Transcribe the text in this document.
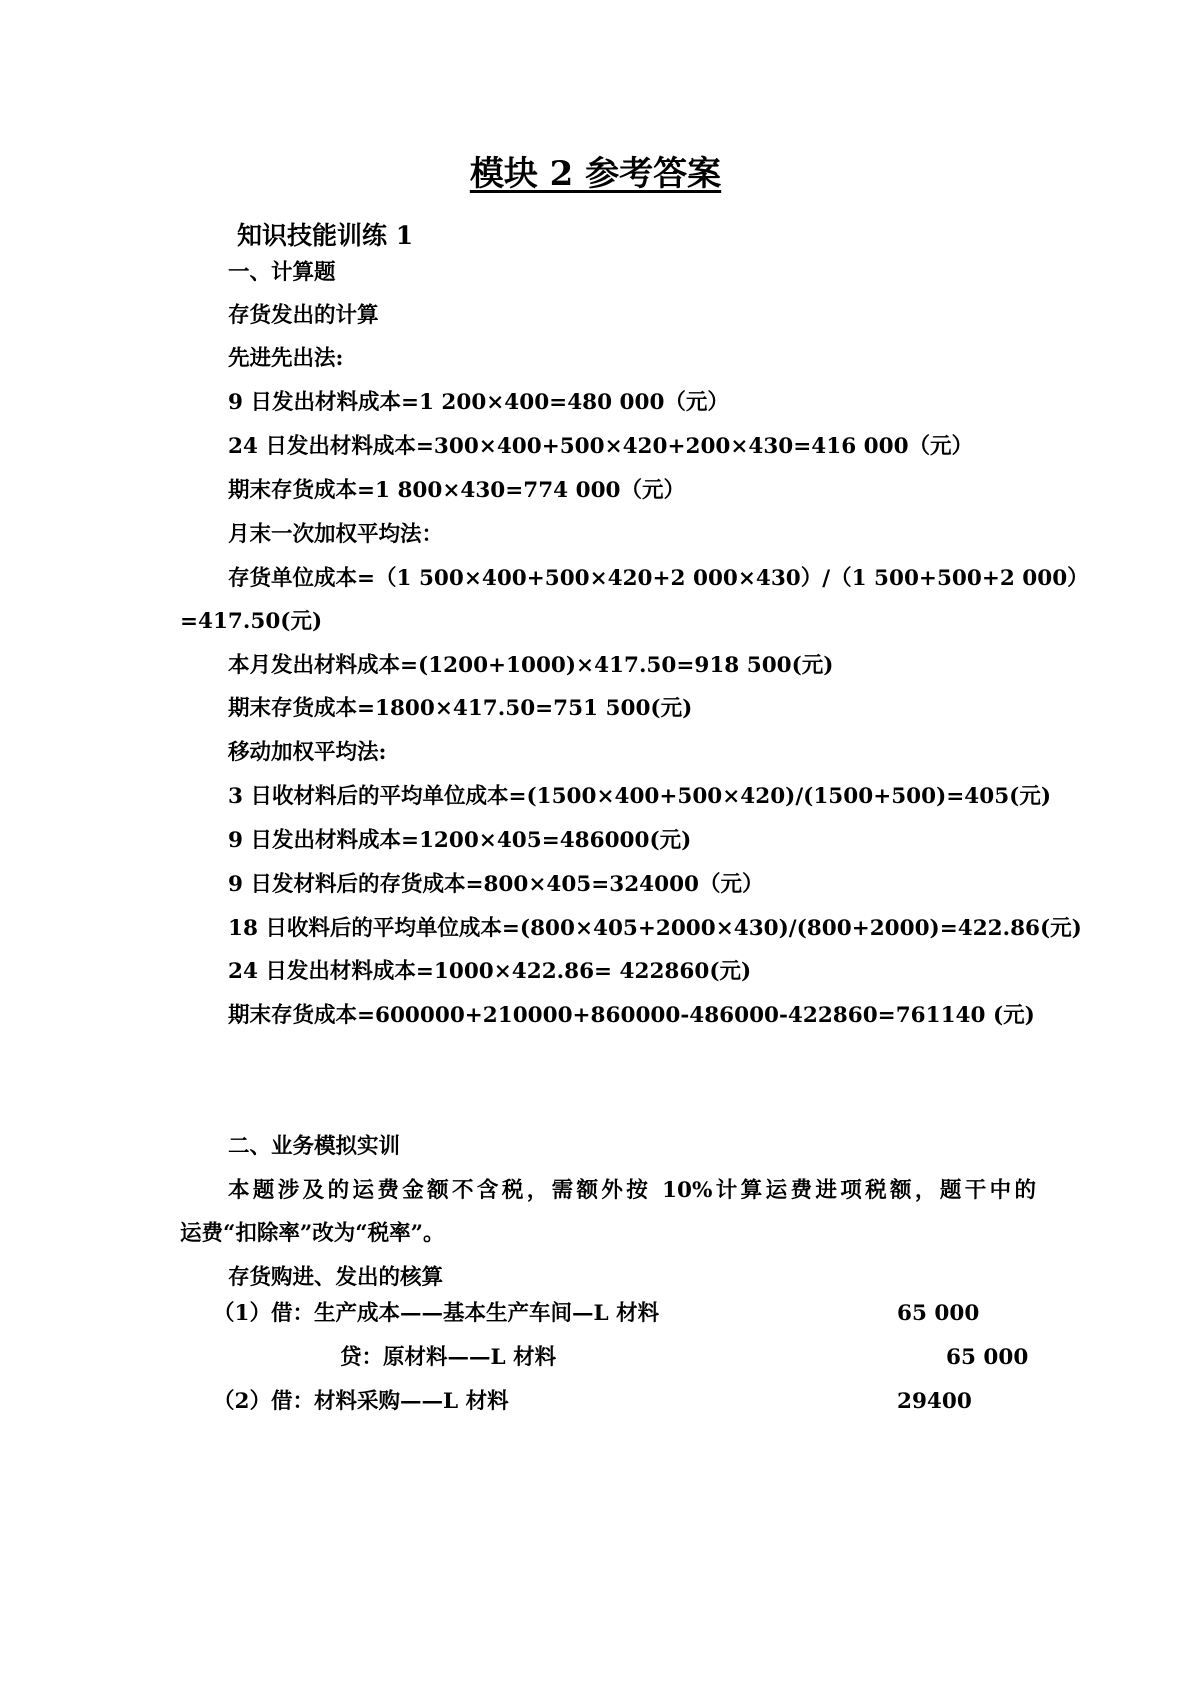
模块 2 参考答案
知识技能训练 1
一、计算题
存货发出的计算
先进先出法:
9 日发出材料成本=1 200×400=480 000（元）
24 日发出材料成本=300×400+500×420+200×430=416 000（元）
期末存货成本=1 800×430=774 000（元）
月末一次加权平均法：
存货单位成本=（1 500×400+500×420+2 000×430）/（1 500+500+2 000）
=417.50(元)
本月发出材料成本=(1200+1000)×417.50=918 500(元)
期末存货成本=1800×417.50=751 500(元)
移动加权平均法:
3 日收材料后的平均单位成本=(1500×400+500×420)/(1500+500)=405(元)
9 日发出材料成本=1200×405=486000(元)
9 日发材料后的存货成本=800×405=324000（元）
18 日收料后的平均单位成本=(800×405+2000×430)/(800+2000)=422.86(元)
24 日发出材料成本=1000×422.86= 422860(元)
期末存货成本=600000+210000+860000-486000-422860=761140 (元)
二、业务模拟实训
本题涉及的运费金额不含税，需额外按 10%计算运费进项税额，题干中的
运费“扣除率”改为“税率”。
存货购进、发出的核算
（1）借：生产成本——基本生产车间—L 材料	65 000
贷：原材料——L 材料	65 000
（2）借：材料采购——L 材料	29400
